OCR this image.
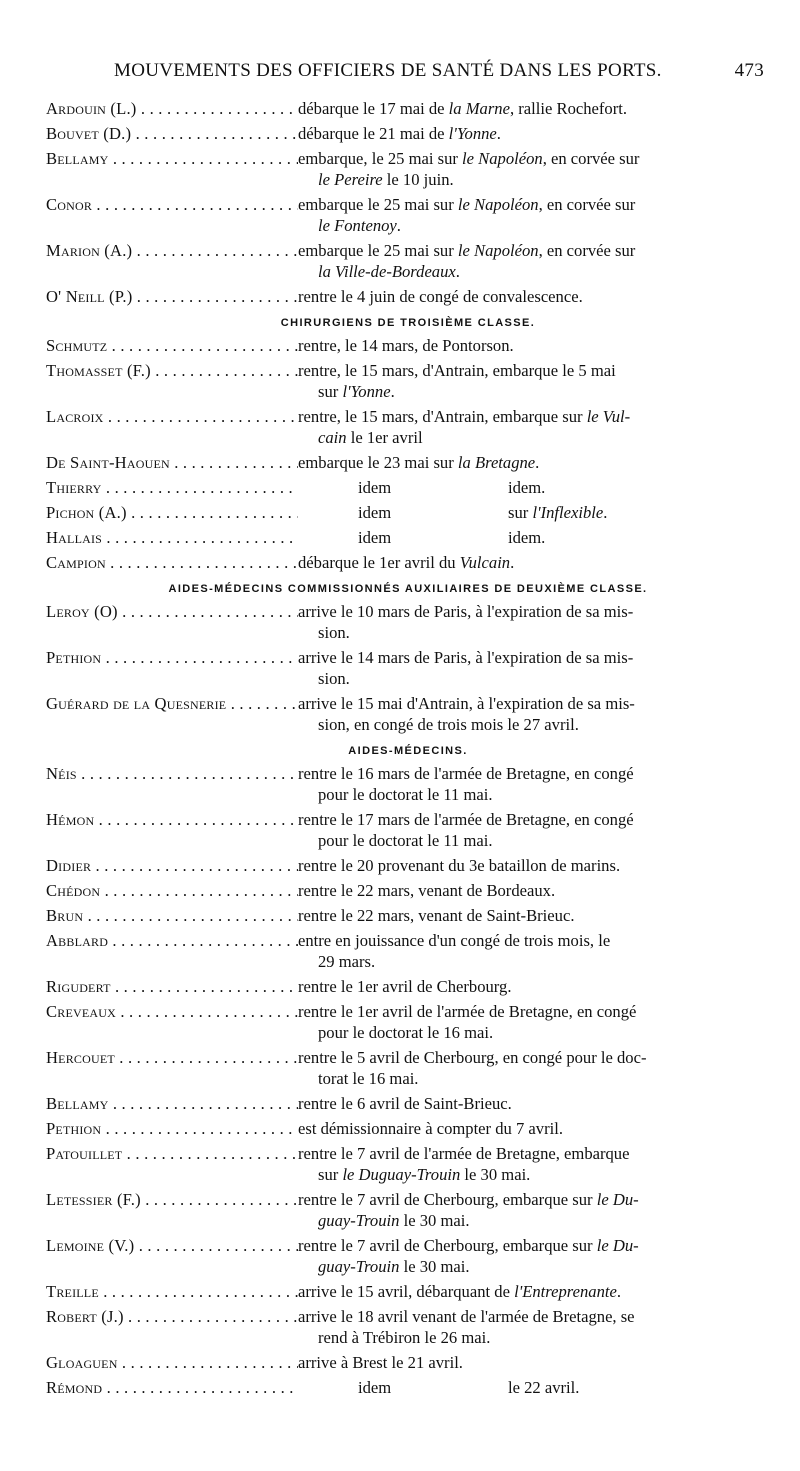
MOUVEMENTS DES OFFICIERS DE SANTÉ DANS LES PORTS.	473
Ardouin (L.) . . .	débarque le 17 mai de la Marne, rallie Rochefort.
Bouvet (D.) . . .	débarque le 21 mai de l'Yonne.
Bellamy . . .	embarque, le 25 mai sur le Napoléon, en corvée sur
le Pereire le 10 juin.
Conor . . .	embarque le 25 mai sur le Napoléon, en corvée sur
le Fontenoy.
Marion (A.) . . .	embarque le 25 mai sur le Napoléon, en corvée sur
la Ville-de-Bordeaux.
O' Neill (P.) . . .	rentre le 4 juin de congé de convalescence.
CHIRURGIENS DE TROISIÈME CLASSE.
Schmutz . . .	rentre, le 14 mars, de Pontorson.
Thomasset (F.) . . .	rentre, le 15 mars, d'Antrain, embarque le 5 mai
sur l'Yonne.
Lacroix . . .	rentre, le 15 mars, d'Antrain, embarque sur le Vul-
cain le 1er avril
De Saint-Haouen . . .	embarque le 23 mai sur la Bretagne.
Thierry . . .	idem	idem.
Pichon (A.) . . .	idem	sur l'Inflexible.
Hallais . . .	idem	idem.
Campion . . .	débarque le 1er avril du Vulcain.
AIDES-MÉDECINS COMMISSIONNÉS AUXILIAIRES DE DEUXIÈME CLASSE.
Leroy (O) . . .	arrive le 10 mars de Paris, à l'expiration de sa mis-
sion.
Pethion . . .	arrive le 14 mars de Paris, à l'expiration de sa mis-
sion.
Guérard de la Quesnerie . . .	arrive le 15 mai d'Antrain, à l'expiration de sa mis-
sion, en congé de trois mois le 27 avril.
AIDES-MÉDECINS.
Néis . . .	rentre le 16 mars de l'armée de Bretagne, en congé
pour le doctorat le 11 mai.
Hémon . . .	rentre le 17 mars de l'armée de Bretagne, en congé
pour le doctorat le 11 mai.
Didier . . .	rentre le 20 provenant du 3e bataillon de marins.
Chédon . . .	rentre le 22 mars, venant de Bordeaux.
Brun . . .	rentre le 22 mars, venant de Saint-Brieuc.
Abblard . . .	entre en jouissance d'un congé de trois mois, le
29 mars.
Rigudert . . .	rentre le 1er avril de Cherbourg.
Creveaux . . .	rentre le 1er avril de l'armée de Bretagne, en congé
pour le doctorat le 16 mai.
Hercouet . . .	rentre le 5 avril de Cherbourg, en congé pour le doc-
torat le 16 mai.
Bellamy . . .	rentre le 6 avril de Saint-Brieuc.
Pethion . . .	est démissionnaire à compter du 7 avril.
Patouillet . . .	rentre le 7 avril de l'armée de Bretagne, embarque
sur le Duguay-Trouin le 30 mai.
Letessier (F.) . . .	rentre le 7 avril de Cherbourg, embarque sur le Du-
guay-Trouin le 30 mai.
Lemoine (V.) . . .	rentre le 7 avril de Cherbourg, embarque sur le Du-
guay-Trouin le 30 mai.
Treille . . .	arrive le 15 avril, débarquant de l'Entreprenante.
Robert (J.) . . .	arrive le 18 avril venant de l'armée de Bretagne, se
rend à Trébiron le 26 mai.
Gloaguen . . .	arrive à Brest le 21 avril.
Rémond . . .	idem	le 22 avril.
